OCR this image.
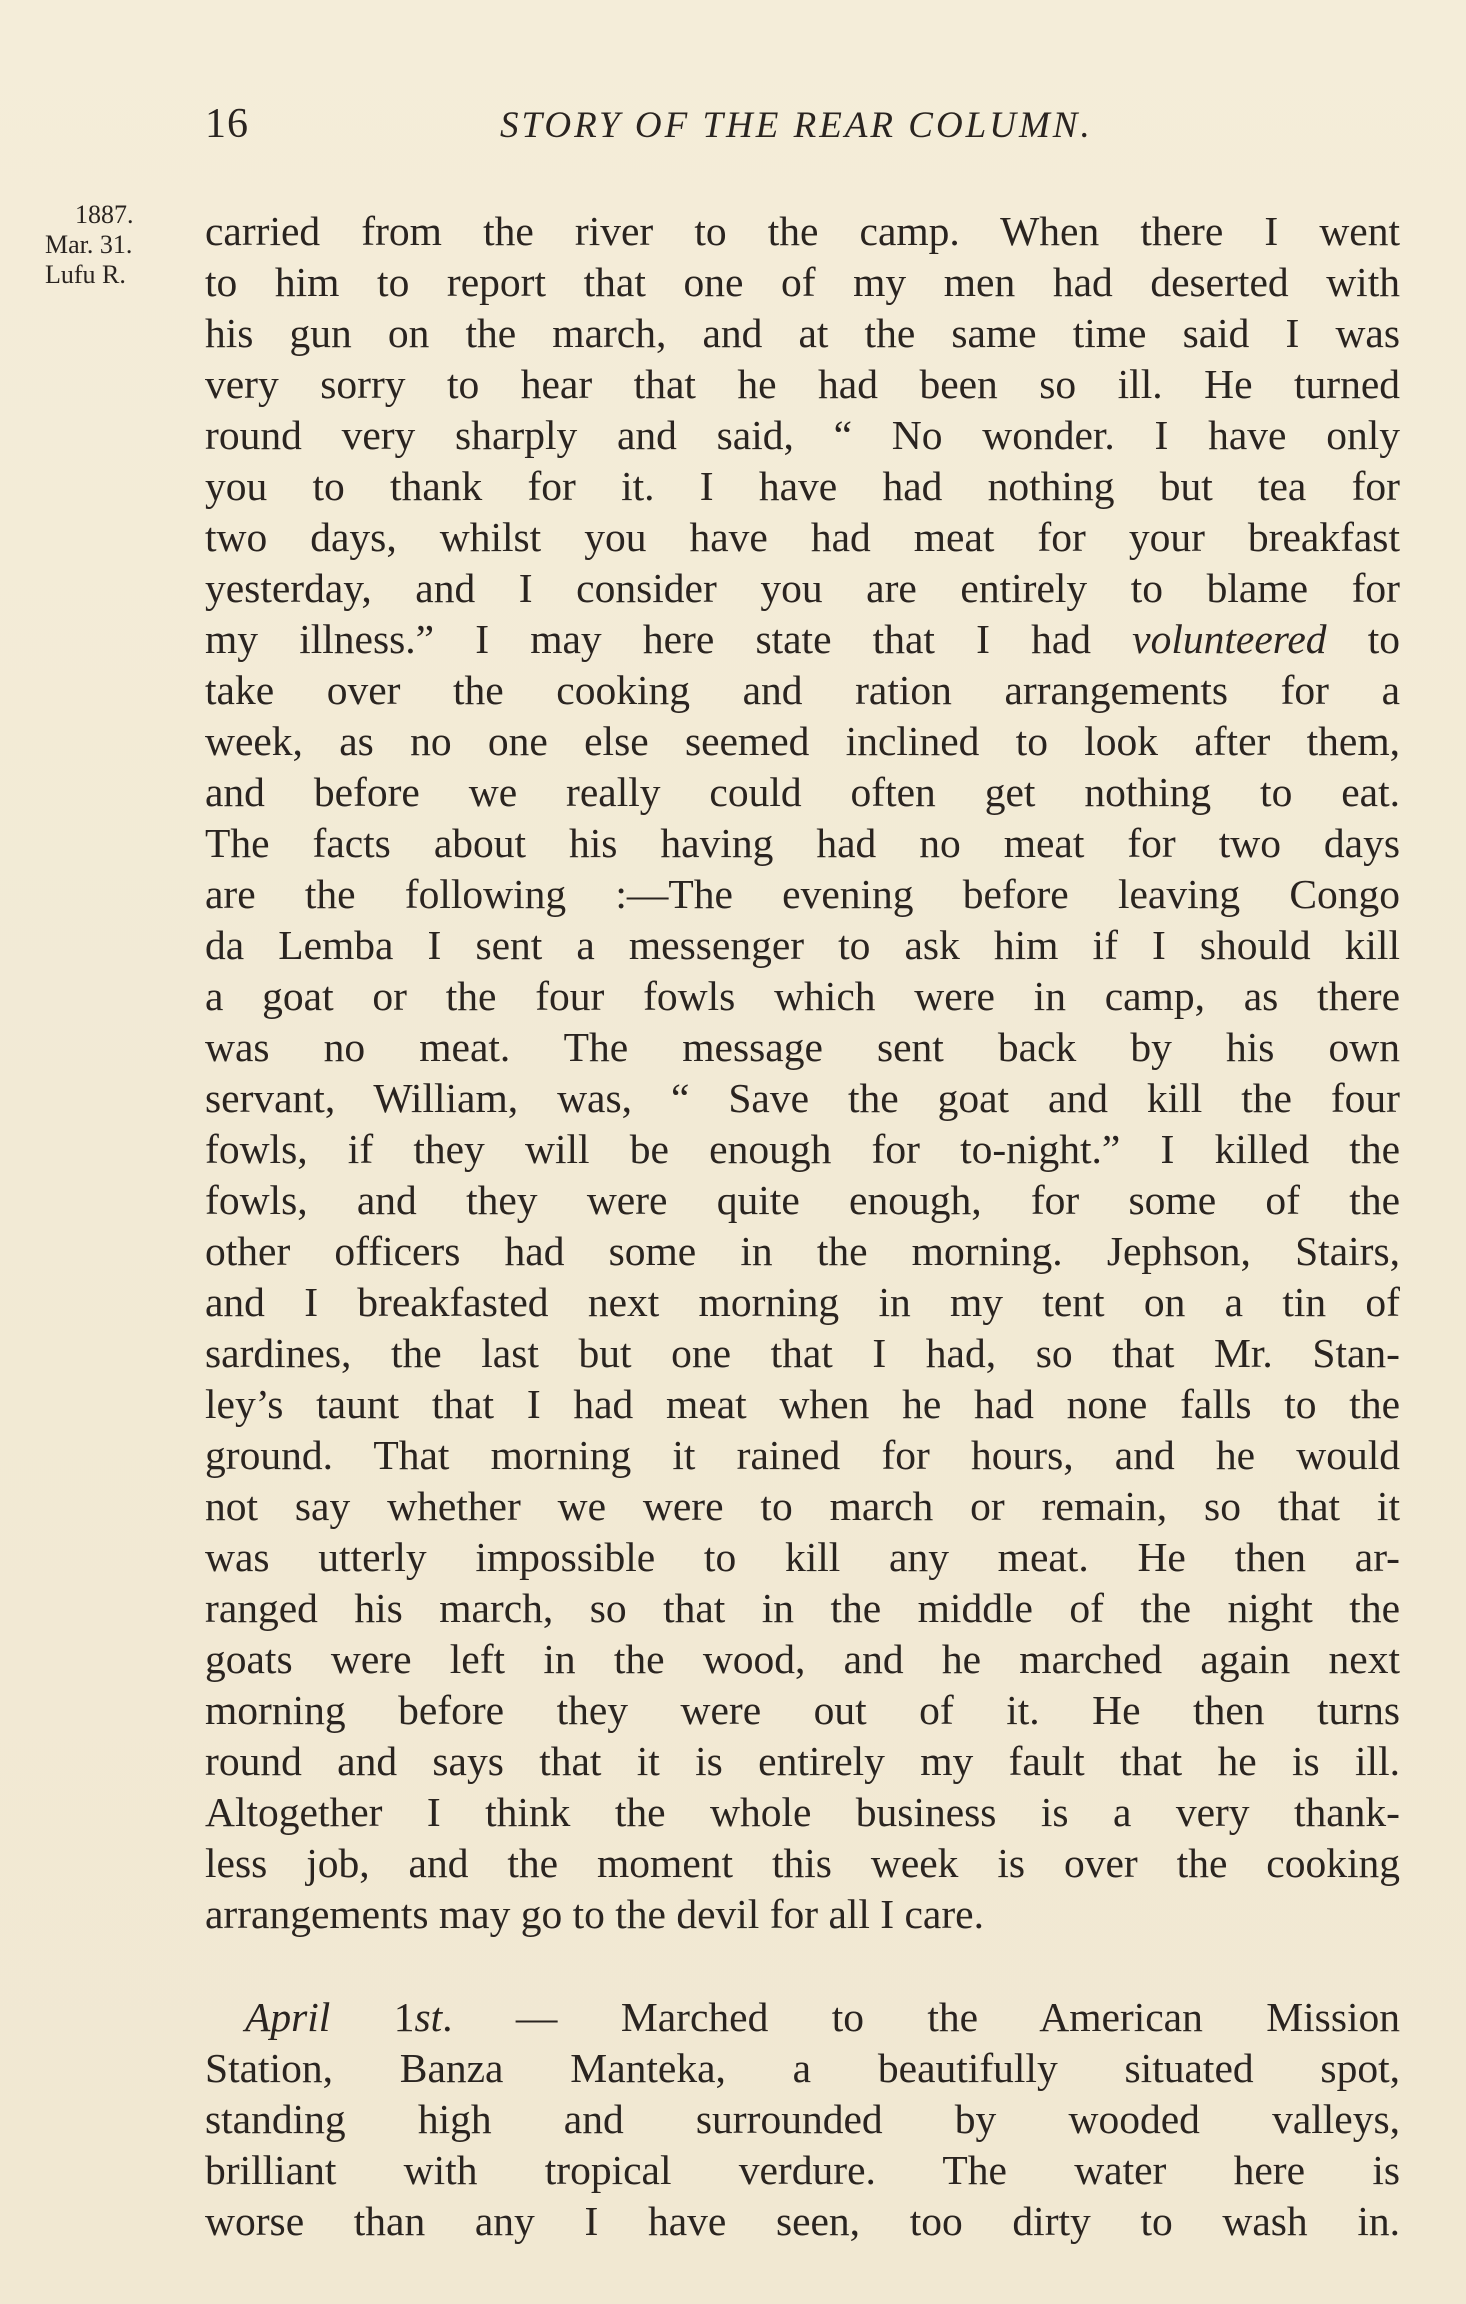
16	STORY OF THE REAR COLUMN.
1887.
Mar. 31.
Lufu R.
carried from the river to the camp. When there I went
to him to report that one of my men had deserted with
his gun on the march, and at the same time said I was
very sorry to hear that he had been so ill. He turned
round very sharply and said, “ No wonder. I have only
you to thank for it. I have had nothing but tea for
two days, whilst you have had meat for your breakfast
yesterday, and I consider you are entirely to blame for
my illness.” I may here state that I had volunteered to
take over the cooking and ration arrangements for a
week, as no one else seemed inclined to look after them,
and before we really could often get nothing to eat.
The facts about his having had no meat for two days
are the following :—The evening before leaving Congo
da Lemba I sent a messenger to ask him if I should kill
a goat or the four fowls which were in camp, as there
was no meat. The message sent back by his own
servant, William, was, “ Save the goat and kill the four
fowls, if they will be enough for to-night.” I killed the
fowls, and they were quite enough, for some of the
other officers had some in the morning. Jephson, Stairs,
and I breakfasted next morning in my tent on a tin of
sardines, the last but one that I had, so that Mr. Stan-
ley’s taunt that I had meat when he had none falls to the
ground. That morning it rained for hours, and he would
not say whether we were to march or remain, so that it
was utterly impossible to kill any meat. He then ar-
ranged his march, so that in the middle of the night the
goats were left in the wood, and he marched again next
morning before they were out of it. He then turns
round and says that it is entirely my fault that he is ill.
Altogether I think the whole business is a very thank-
less job, and the moment this week is over the cooking
arrangements may go to the devil for all I care.
April 1st. — Marched to the American Mission
Station, Banza Manteka, a beautifully situated spot,
standing high and surrounded by wooded valleys,
brilliant with tropical verdure. The water here is
worse than any I have seen, too dirty to wash in.
